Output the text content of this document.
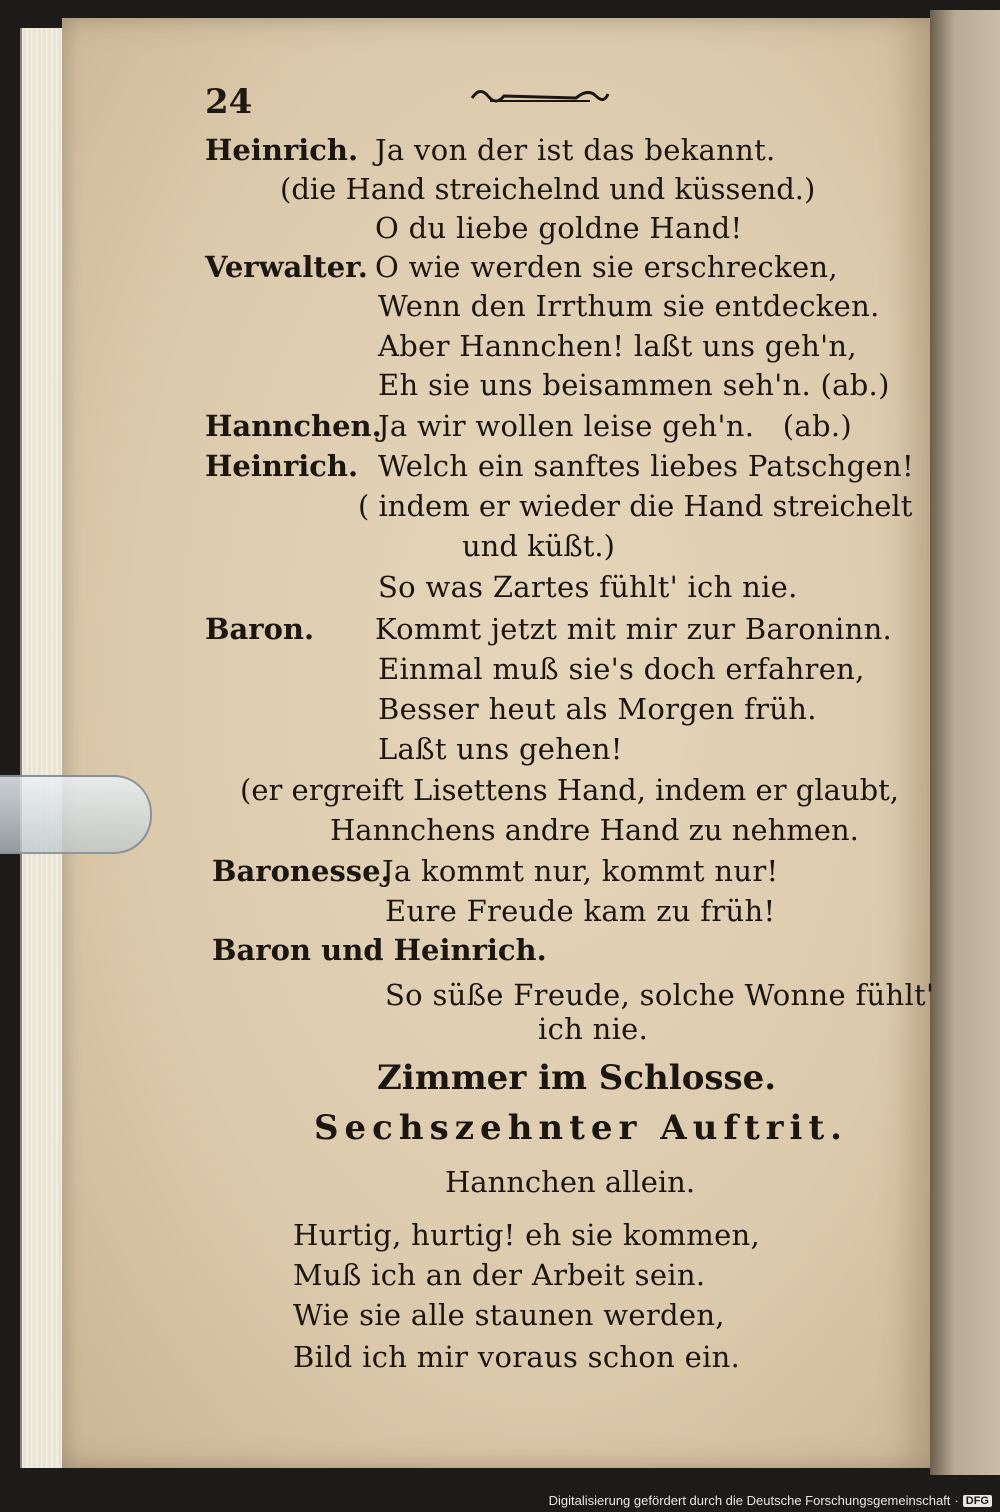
24
Heinrich. Ja von der ist das bekannt.
(die Hand streichelnd und küssend.)
O du liebe goldne Hand!
Verwalter. O wie werden sie erschrecken,
Wenn den Irrthum sie entdecken.
Aber Hannchen! laßt uns geh'n,
Eh sie uns beisammen seh'n. (ab.)
Hannchen.
Ja wir wollen leise geh'n.   (ab.)
Heinrich. Welch ein sanftes liebes Patschgen!
( indem er wieder die Hand streichelt
und küßt.)
So was Zartes fühlt' ich nie.
Baron.	Kommt jetzt mit mir zur Baroninn.
Einmal muß sie's doch erfahren,
Besser heut als Morgen früh.
Laßt uns gehen!
(er ergreift Lisettens Hand, indem er glaubt,
Hannchens andre Hand zu nehmen.
Baronesse.
Ja kommt nur, kommt nur!
Eure Freude kam zu früh!
Baron und Heinrich.
So süße Freude, solche Wonne fühlt'
ich nie.
Zimmer im Schlosse.
Sechszehnter Auftrit.
Hannchen allein.
Hurtig, hurtig! eh sie kommen,
Muß ich an der Arbeit sein.
Wie sie alle staunen werden,
Bild ich mir voraus schon ein.
Digitalisierung gefördert durch die Deutsche Forschungsgemeinschaft · DFG
